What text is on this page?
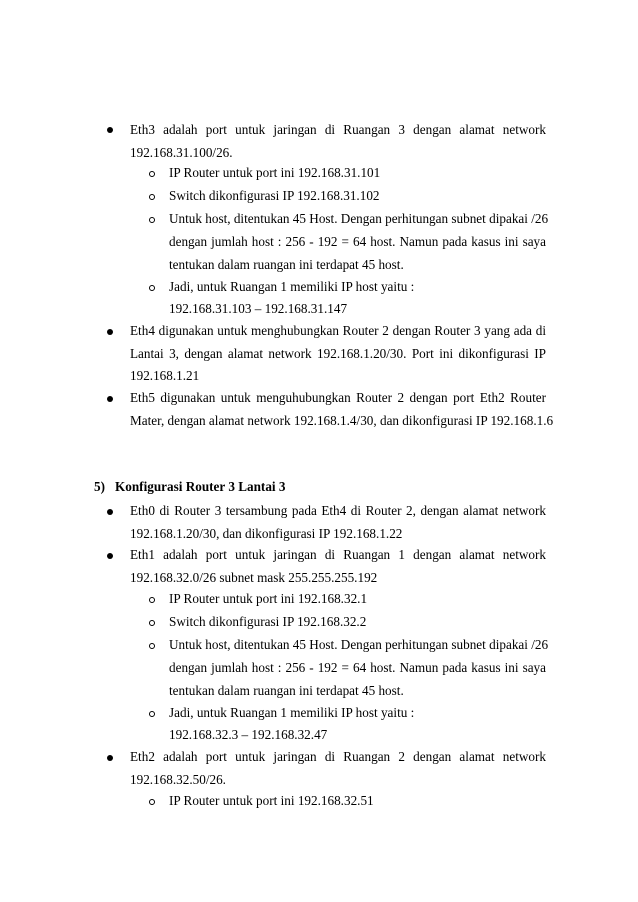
Eth3 adalah port untuk jaringan di Ruangan 3 dengan alamat network
192.168.31.100/26.
IP Router untuk port ini 192.168.31.101
Switch dikonfigurasi IP 192.168.31.102
Untuk host, ditentukan 45 Host. Dengan perhitungan subnet dipakai /26
dengan jumlah host : 256 - 192 = 64 host. Namun pada kasus ini saya
tentukan dalam ruangan ini terdapat 45 host.
Jadi, untuk Ruangan 1 memiliki IP host yaitu :
192.168.31.103 – 192.168.31.147
Eth4 digunakan untuk menghubungkan Router 2 dengan Router 3 yang ada di
Lantai 3, dengan alamat network 192.168.1.20/30. Port ini dikonfigurasi IP
192.168.1.21
Eth5 digunakan untuk menguhubungkan Router 2 dengan port Eth2 Router
Mater, dengan alamat network 192.168.1.4/30, dan dikonfigurasi IP 192.168.1.6
5) Konfigurasi Router 3 Lantai 3
Eth0 di Router 3 tersambung pada Eth4 di Router 2, dengan alamat network
192.168.1.20/30, dan dikonfigurasi IP 192.168.1.22
Eth1 adalah port untuk jaringan di Ruangan 1 dengan alamat network
192.168.32.0/26 subnet mask 255.255.255.192
IP Router untuk port ini 192.168.32.1
Switch dikonfigurasi IP 192.168.32.2
Untuk host, ditentukan 45 Host. Dengan perhitungan subnet dipakai /26
dengan jumlah host : 256 - 192 = 64 host. Namun pada kasus ini saya
tentukan dalam ruangan ini terdapat 45 host.
Jadi, untuk Ruangan 1 memiliki IP host yaitu :
192.168.32.3 – 192.168.32.47
Eth2 adalah port untuk jaringan di Ruangan 2 dengan alamat network
192.168.32.50/26.
IP Router untuk port ini 192.168.32.51
